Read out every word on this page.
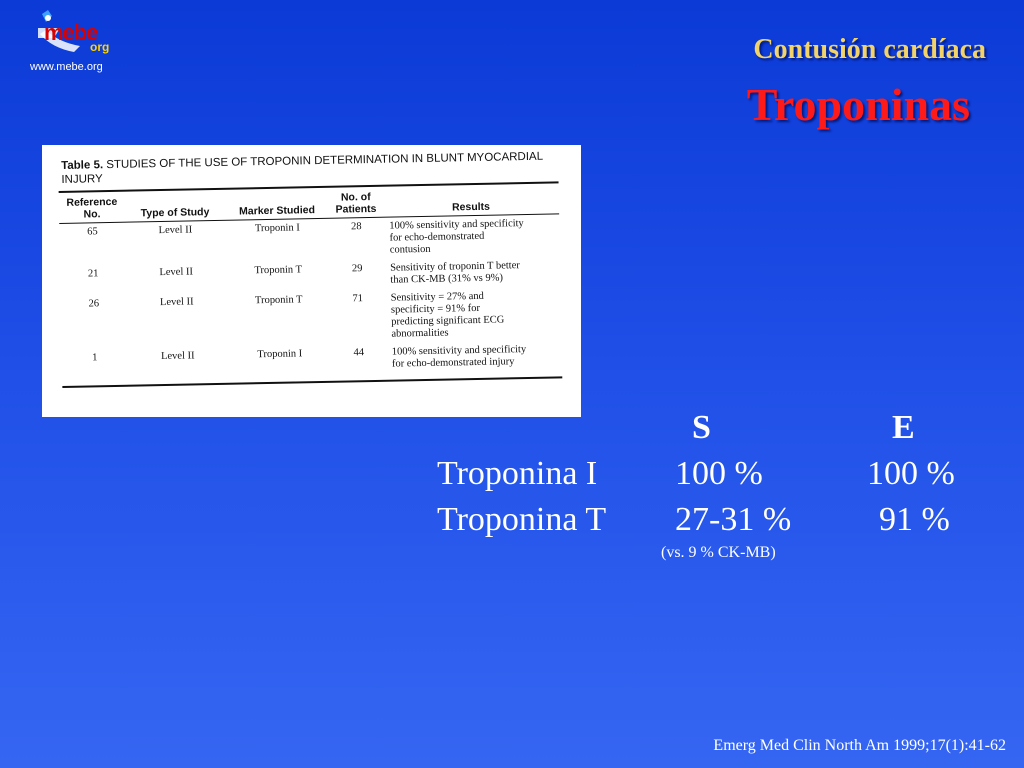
mebe
org
www.mebe.org
Contusión cardíaca
Troponinas
Table 5. STUDIES OF THE USE OF TROPONIN DETERMINATION IN BLUNT MYOCARDIAL INJURY
Reference No.	Type of Study	Marker Studied	No. of Patients	Results

65	Level II	Troponin I	28	100% sensitivity and specificity
for echo-demonstrated
contusion
21	Level II	Troponin T	29	Sensitivity of troponin T better
than CK-MB (31% vs 9%)
26	Level II	Troponin T	71	Sensitivity = 27% and
specificity = 91% for
predicting significant ECG
abnormalities
1	Level II	Troponin I	44	100% sensitivity and specificity
for echo-demonstrated injury
S	E
Troponina I 100 %	100 %
Troponina T 27-31 %	91 %
(vs. 9 % CK-MB)
Emerg Med Clin North Am 1999;17(1):41-62
